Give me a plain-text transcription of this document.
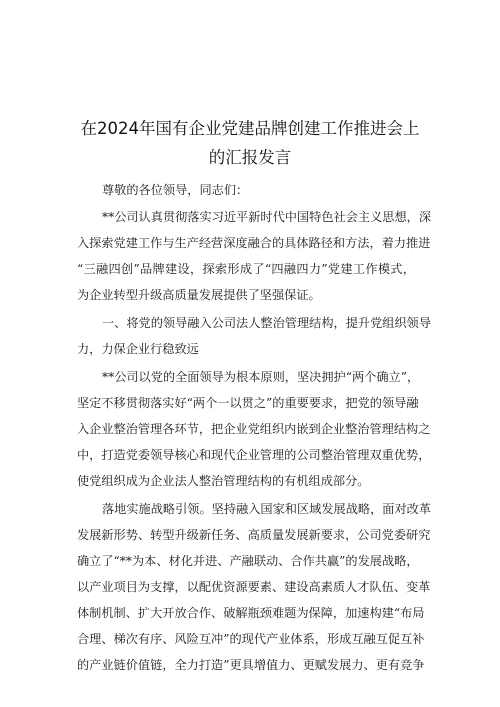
在2024年国有企业党建品牌创建工作推进会上
的汇报发言
尊敬的各位领导，同志们：
**公司认真贯彻落实习近平新时代中国特色社会主义思想，深
入探索党建工作与生产经营深度融合的具体路径和方法，着力推进
“三融四创”品牌建设，探索形成了“四融四力”党建工作模式，
为企业转型升级高质量发展提供了坚强保证。
一、将党的领导融入公司法人整治管理结构，提升党组织领导
力，力保企业行稳致远
**公司以党的全面领导为根本原则，坚决拥护“两个确立”，
坚定不移贯彻落实好“两个一以贯之”的重要要求，把党的领导融
入企业整治管理各环节，把企业党组织内嵌到企业整治管理结构之
中，打造党委领导核心和现代企业管理的公司整治管理双重优势，
使党组织成为企业法人整治管理结构的有机组成部分。
落地实施战略引领。坚持融入国家和区域发展战略，面对改革
发展新形势、转型升级新任务、高质量发展新要求，公司党委研究
确立了“**为本、材化并进、产融联动、合作共赢”的发展战略，
以产业项目为支撑，以配优资源要素、建设高素质人才队伍、变革
体制机制、扩大开放合作、破解瓶颈难题为保障，加速构建“布局
合理、梯次有序、风险互冲”的现代产业体系，形成互融互促互补
的产业链价值链，全力打造”更具增值力、更赋发展力、更有竞争
